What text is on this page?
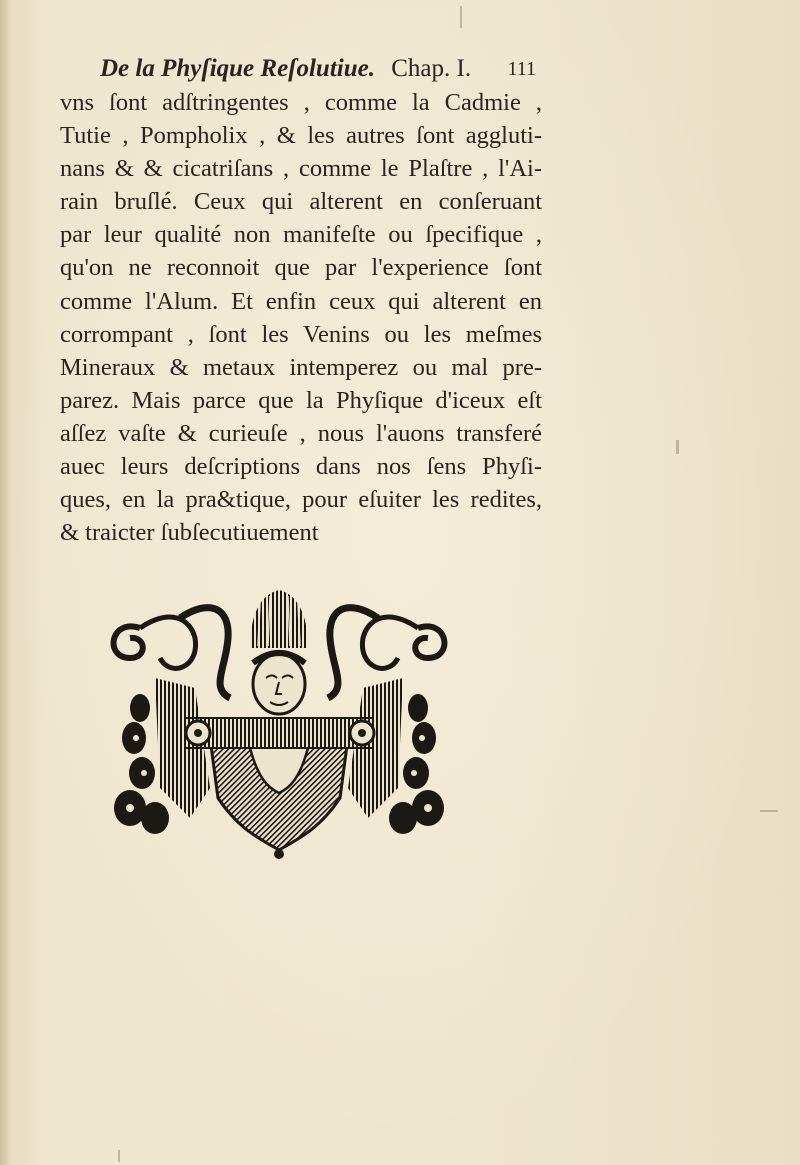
De la Phyſique Reſolutiue. Chap. I. 111
vns ſont adſtringentes , comme la Cadmie ,
Tutie , Pompholix , & les autres ſont aggluti-
nans & & cicatriſans , comme le Plaſtre , l'Ai-
rain bruſlé. Ceux qui alterent en conſeruant
par leur qualité non manifeſte ou ſpecifique ,
qu'on ne reconnoit que par l'experience ſont
comme l'Alum. Et enfin ceux qui alterent en
corrompant , ſont les Venins ou les meſmes
Mineraux & metaux intemperez ou mal pre-
parez. Mais parce que la Phyſique d'iceux eſt
aſſez vaſte & curieuſe , nous l'auons transferé
auec leurs deſcriptions dans nos ſens Phyſi-
ques, en la pra&tique, pour eſuiter les redites,
& traicter ſubſecutiuement
